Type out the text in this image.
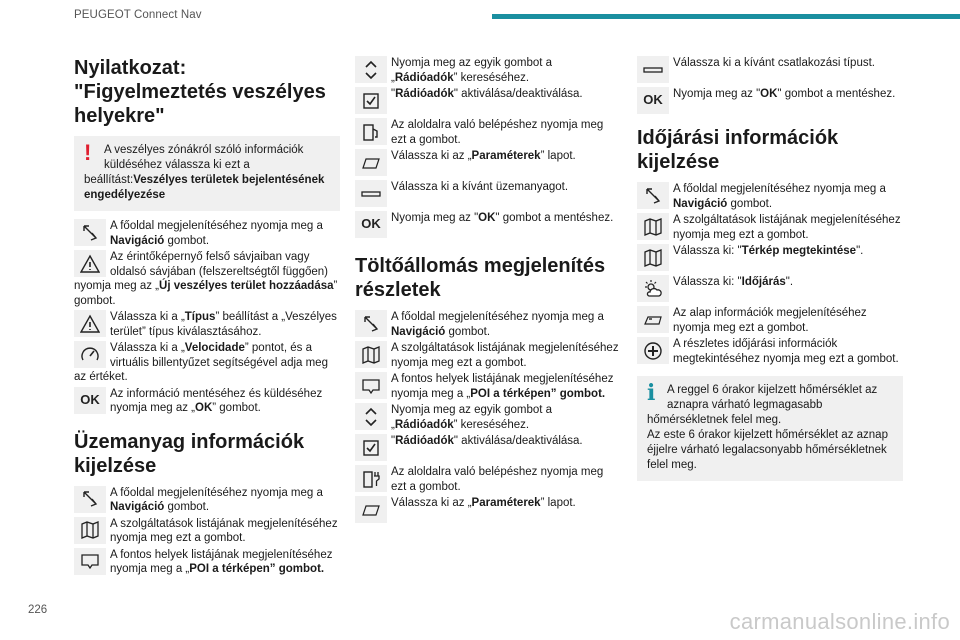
PEUGEOT Connect Nav
Nyilatkozat: "Figyelmeztetés veszélyes helyekre"
!	A veszélyes zónákról szóló információk küldéséhez válassza ki ezt a beállítást:Veszélyes területek bejelentésének engedélyezése
A főoldal megjelenítéséhez nyomja meg a Navigáció gombot.
Az érintőképernyő felső sávjaiban vagy oldalsó sávjában (felszereltségtől függően) nyomja meg az „Új veszélyes terület hozzáadása” gombot.
Válassza ki a „Típus” beállítást a „Veszélyes terület” típus kiválasztásához.
Válassza ki a „Velocidade” pontot, és a virtuális billentyűzet segítségével adja meg az értéket.
OK Az információ mentéséhez és küldéséhez nyomja meg az „OK” gombot.
Üzemanyag információk kijelzése
A főoldal megjelenítéséhez nyomja meg a Navigáció gombot.
A szolgáltatások listájának megjelenítéséhez nyomja meg ezt a gombot.
A fontos helyek listájának megjelenítéséhez nyomja meg a „POI a térképen” gombot.
Nyomja meg az egyik gombot a „Rádióadók” kereséséhez.
"Rádióadók" aktiválása/deaktiválása.
Az aloldalra való belépéshez nyomja meg ezt a gombot.
Válassza ki az „Paraméterek” lapot.
Válassza ki a kívánt üzemanyagot.
OK Nyomja meg az "OK" gombot a mentéshez.
Töltőállomás megjelenítés részletek
A főoldal megjelenítéséhez nyomja meg a Navigáció gombot.
A szolgáltatások listájának megjelenítéséhez nyomja meg ezt a gombot.
A fontos helyek listájának megjelenítéséhez nyomja meg a „POI a térképen” gombot.
Nyomja meg az egyik gombot a „Rádióadók” kereséséhez.
"Rádióadók" aktiválása/deaktiválása.
Az aloldalra való belépéshez nyomja meg ezt a gombot.
Válassza ki az „Paraméterek” lapot.
Válassza ki a kívánt csatlakozási típust.
OK Nyomja meg az "OK" gombot a mentéshez.
Időjárási információk kijelzése
A főoldal megjelenítéséhez nyomja meg a Navigáció gombot.
A szolgáltatások listájának megjelenítéséhez nyomja meg ezt a gombot.
Válassza ki: "Térkép megtekintése".
Válassza ki: "Időjárás".
Az alap információk megjelenítéséhez nyomja meg ezt a gombot.
A részletes időjárási információk megtekintéséhez nyomja meg ezt a gombot.
i	A reggel 6 órakor kijelzett hőmérséklet az aznapra várható legmagasabb hőmérsékletnek felel meg.
Az este 6 órakor kijelzett hőmérséklet az aznap éjjelre várható legalacsonyabb hőmérsékletnek felel meg.
226	carmanualsonline.info
